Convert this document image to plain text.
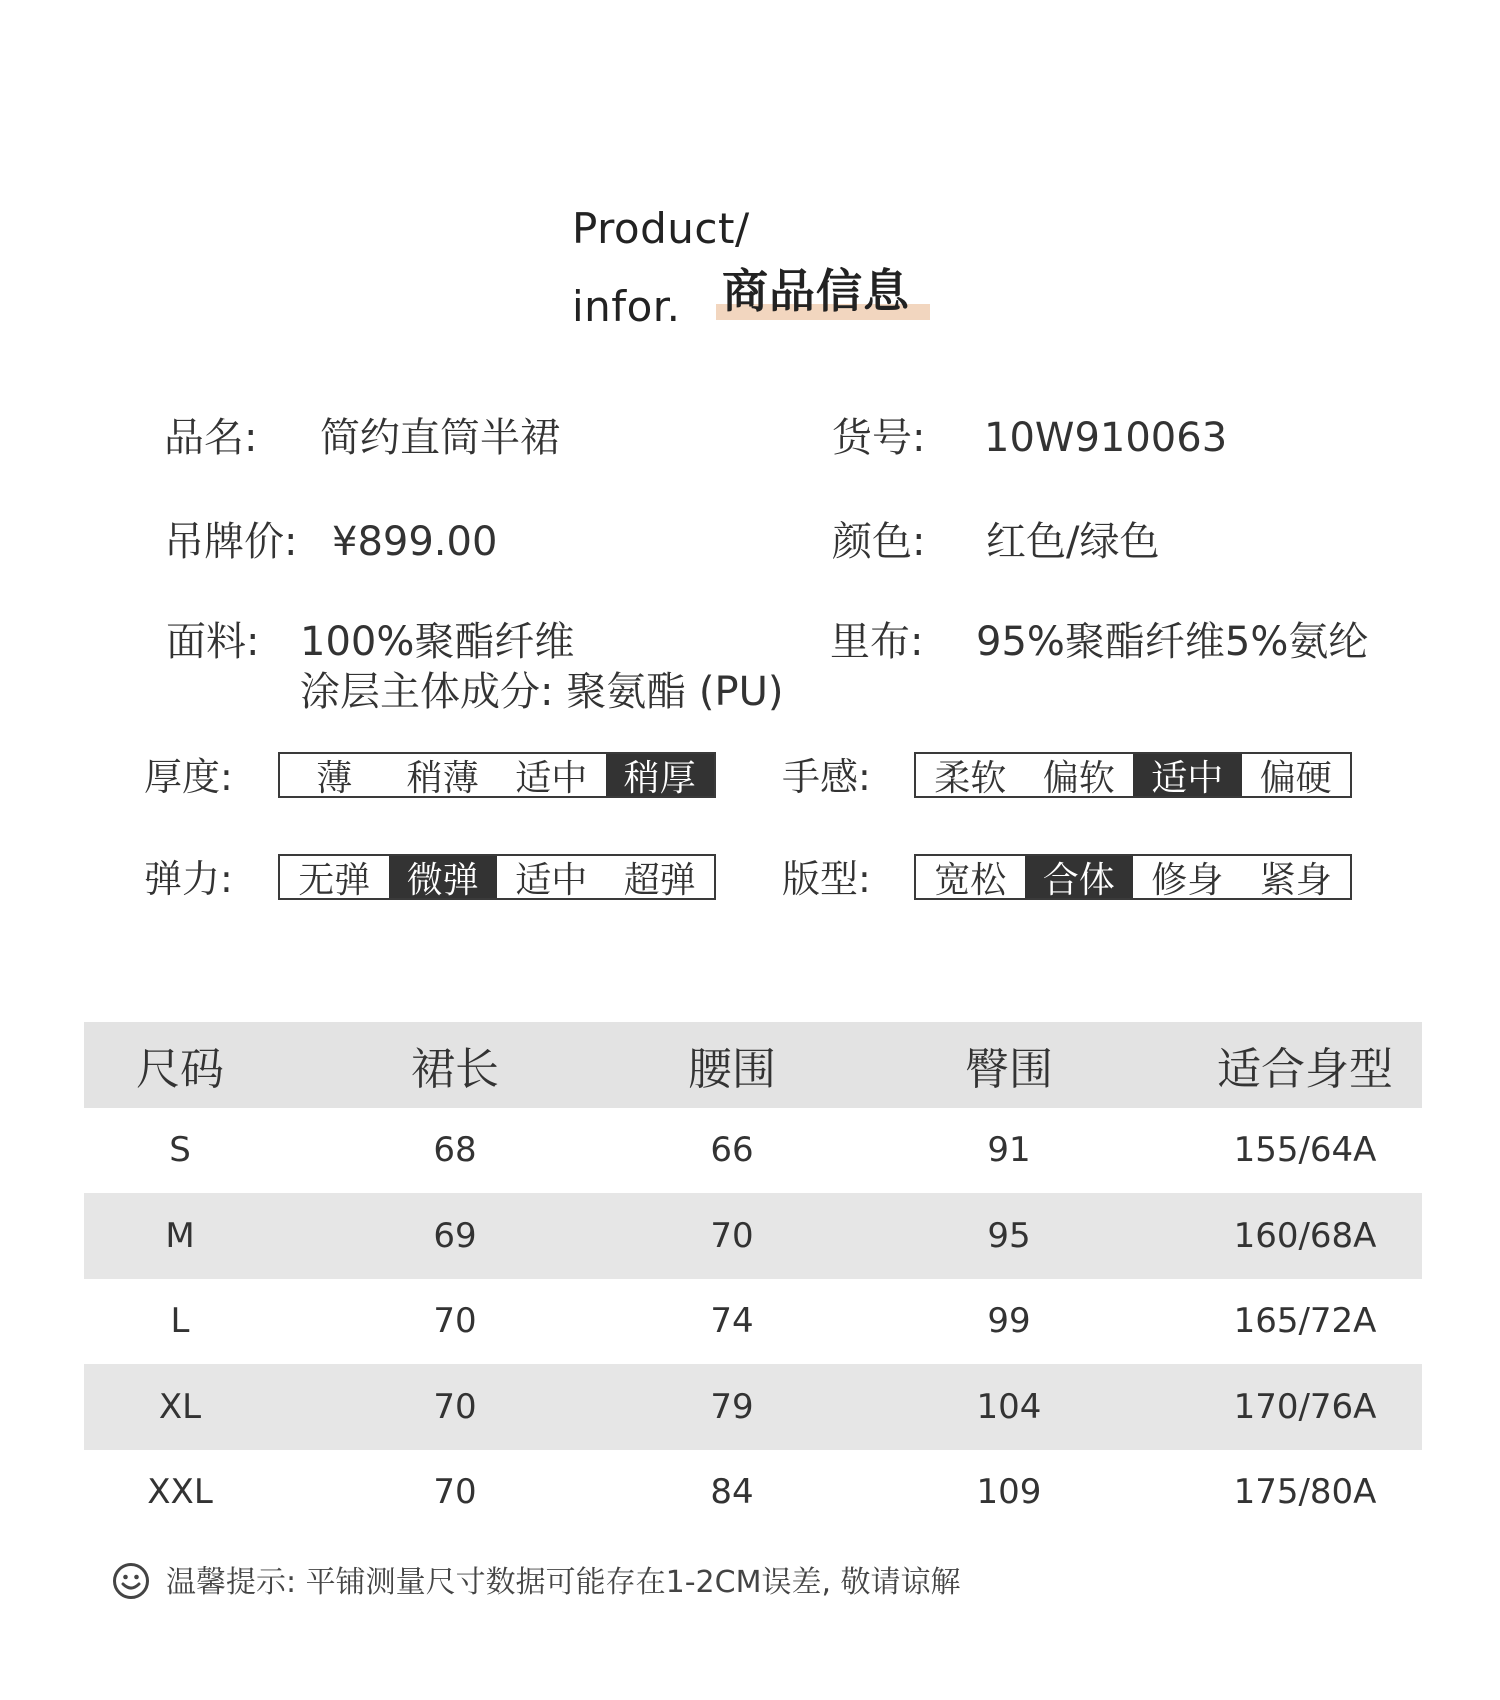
Product/
infor. 商品信息
品名: 简约直筒半裙	货号: 10W910063
吊牌价: ¥899.00	颜色: 红色/绿色
面料: 100%聚酯纤维
涂层主体成分: 聚氨酯 (PU)
里布: 95%聚酯纤维5%氨纶
厚度:	薄	稍薄	适中	稍厚	手感:	柔软	偏软	适中	偏硬
弹力:	无弹	微弹	适中	超弹	版型:	宽松	合体	修身	紧身
尺码	裙长	腰围	臀围	适合身型
S	68	66	91	155/64A
M	69	70	95	160/68A
L	70	74	99	165/72A
XL	70	79	104	170/76A
XXL	70	84	109	175/80A
温馨提示: 平铺测量尺寸数据可能存在1-2CM误差, 敬请谅解
